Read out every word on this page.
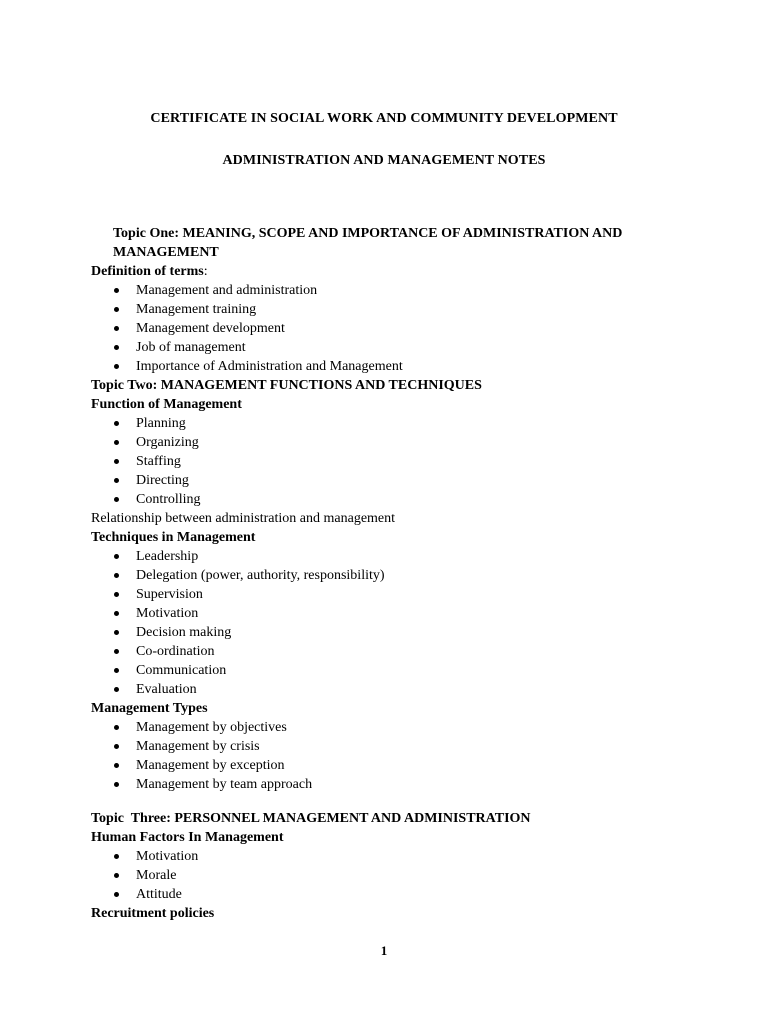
CERTIFICATE IN SOCIAL WORK AND COMMUNITY DEVELOPMENT
ADMINISTRATION AND MANAGEMENT NOTES
Topic One: MEANING, SCOPE AND IMPORTANCE OF ADMINISTRATION AND
MANAGEMENT
Definition of terms:
Management and administration
Management training
Management development
Job of management
Importance of Administration and Management
Topic Two: MANAGEMENT FUNCTIONS AND TECHNIQUES
Function of Management
Planning
Organizing
Staffing
Directing
Controlling
Relationship between administration and management
Techniques in Management
Leadership
Delegation (power, authority, responsibility)
Supervision
Motivation
Decision making
Co-ordination
Communication
Evaluation
Management Types
Management by objectives
Management by crisis
Management by exception
Management by team approach
Topic  Three: PERSONNEL MANAGEMENT AND ADMINISTRATION
Human Factors In Management
Motivation
Morale
Attitude
Recruitment policies
1
